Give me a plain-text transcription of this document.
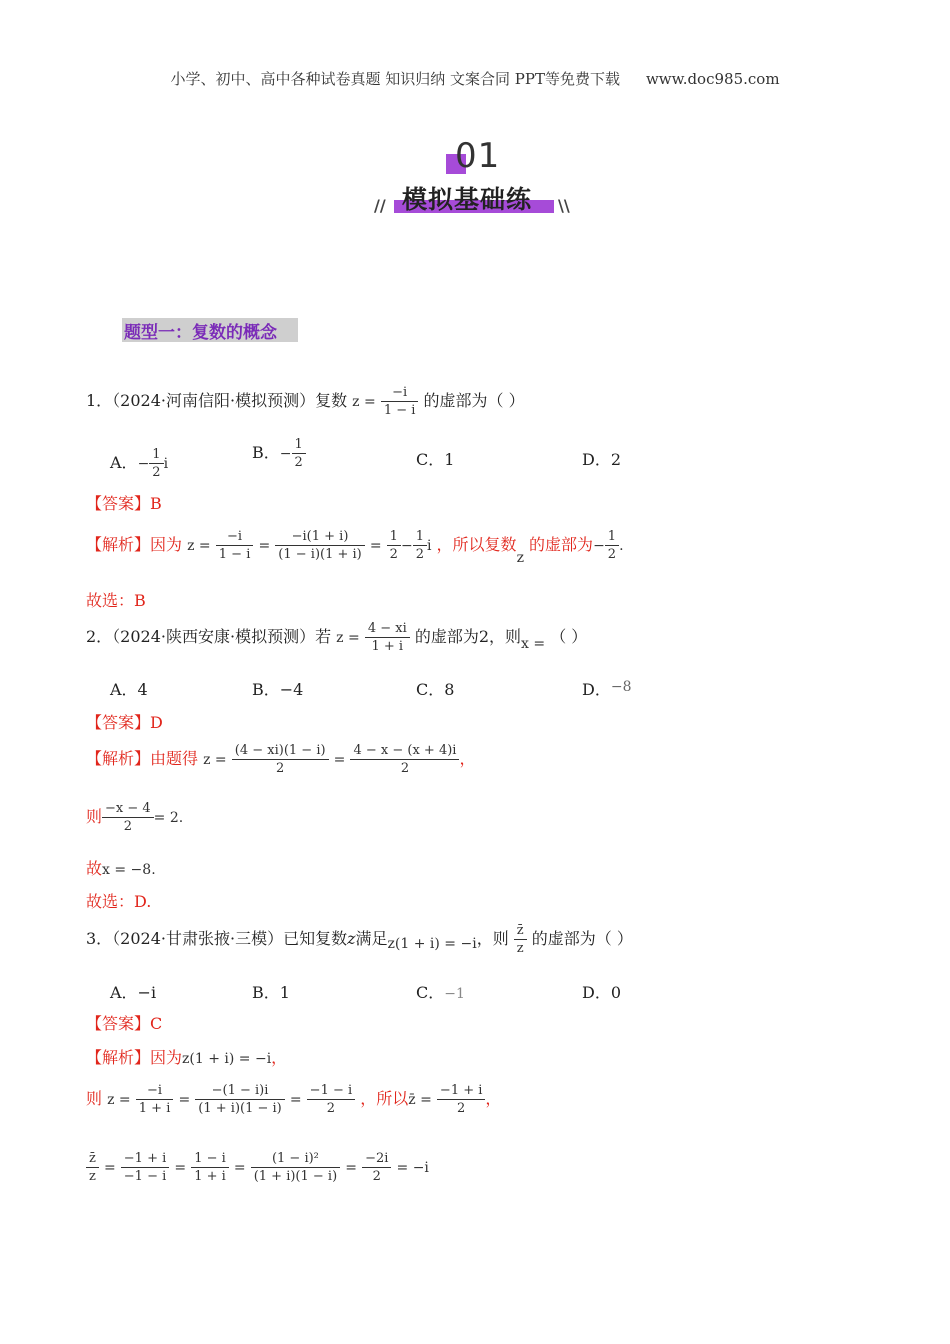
小学、初中、高中各种试卷真题 知识归纳 文案合同 PPT等免费下载 www.doc985.com
01
模拟基础练
//	\\
题型一：复数的概念
1．（2024·河南信阳·模拟预测）复数 $z = \frac{-i}{1 - i}$ 的虚部为（ ）
A．− $\frac{1}{2}$ i
B．− $\frac{1}{2}$	C．1	D．2
【答案】B
【解析】因为 $z = \frac{-i}{1 - i} = \frac{-i(1 + i)}{(1 - i)(1 + i)} = \frac{1}{2} - \frac{1}{2}$ i ，所以复数z 的虚部为− $\frac{1}{2}$ .
故选：B
2．（2024·陕西安康·模拟预测）若 $z = \frac{4 - xi}{1 + i}$ 的虚部为2，则x = （ ）
A．4	B．−4	C．8	D．−8
【答案】D
【解析】由题得 $z = \frac{(4 - xi)(1 - i)}{2} = \frac{4 - x - (x + 4)i}{2}$ ，
则 $\frac{-x - 4}{2} = 2$.
故x = −8.
故选：D.
3．（2024·甘肃张掖·三模）已知复数z满足z(1 + i) = −i，则 $\frac{z̄}{z}$ 的虚部为（ ）
A．−i	B．1	C．−1	D．0
【答案】C
【解析】因为z(1 + i) = −i，
则 $z = \frac{-i}{1 + i} = \frac{-(1 - i)i}{(1 + i)(1 - i)} = \frac{-1 - i}{2}$ ，所以z̄ = $\frac{-1 + i}{2}$ ，
$\frac{z̄}{z} = \frac{-1 + i}{-1 - i} = \frac{1 - i}{1 + i} = \frac{\text{(1 − i)²}}{(1 + i)(1 - i)} = \frac{-2i}{2} = -i$
